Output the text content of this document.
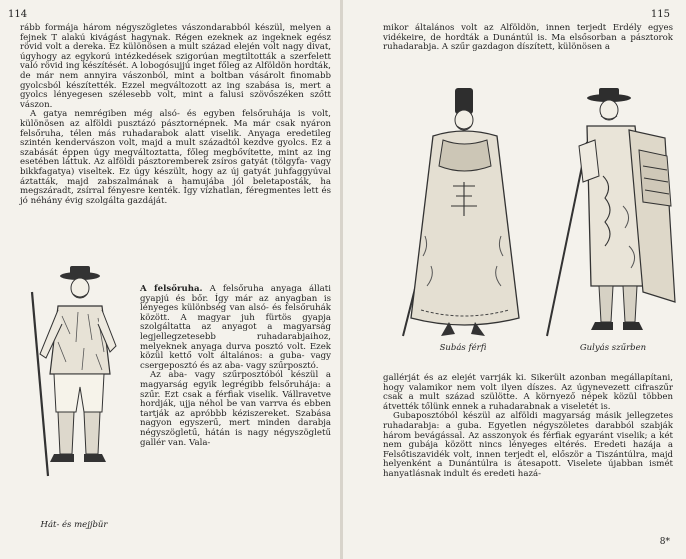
114

rább formája három négyszögletes vászondarabból készül, melyen a fejnek T alakú kivágást hagynak. Régen ezeknek az ingeknek egész rövid volt a dereka. Ez különösen a mult század elején volt nagy divat, úgyhogy az egykorú intézkedések szigorúan megtiltották a szerfelett való rövid ing készítését. A lobogósujjú inget főleg az Alföldön hordták, de már nem annyira vászonból, mint a boltban vásárolt finomabb gyolcsból készítették. Ezzel megváltozott az ing szabása is, mert a gyolcs lényegesen szélesebb volt, mint a falusi szövőszéken szőtt vászon.

A gatya nemrégiben még alsó- és egyben felsőruhája is volt, különösen az alföldi pusztázó pásztornépnek. Ma már csak nyáron felsőruha, télen más ruhadarabok alatt viselik. Anyaga eredetileg szintén kendervászon volt, majd a mult századtól kezdve gyolcs. Ez a szabását éppen úgy megváltoztatta, főleg megbővítette, mint az ing esetében láttuk. Az alföldi pásztoremberek zsíros gatyát (tölgyfa- vagy bikkfagatya) viseltek. Ez úgy készült, hogy az új gatyát juhfaggyúval áztatták, majd zabszalmának a hamujába jól beletaposták, ha megszáradt, zsírral fényesre kenték. Így vízhatlan, féregmentes lett és jó néhány évig szolgálta gazdáját.

Hát- és mejjbür

A felsőruha. A felsőruha anyaga állati gyapjú és bőr. Így már az anyagban is lényeges különbség van alsó- és felsőruhák között. A magyar juh fürtös gyapja szolgáltatta az anyagot a magyarság legjellegzetesebb ruhadarabjaihoz, melyeknek anyaga durva posztó volt. Ezek közül kettő volt általános: a guba- vagy csergeposztó és az aba- vagy szűrposztó.

Az aba- vagy szűrposztóból készül a magyarság egyik legrégibb felsőruhája: a szűr. Ezt csak a férfiak viselik. Vállravetve hordják, ujja néhol be van varrva és ebben tartják az apróbbb kéziszereket. Szabása nagyon egyszerű, mert minden darabja négyszögletű, hátán is nagy négyszögletű gallér van. Vala-

115

mikor általános volt az Alföldön, innen terjedt Erdély egyes vidékeire, de hordták a Dunántúl is. Ma elsősorban a pásztorok ruhadarabja. A szűr gazdagon díszített, különösen a

Subás férfi	Gulyás szűrben

gallérját és az elejét varrják ki. Sikerült azonban megállapítani, hogy valamikor nem volt ilyen díszes. Az úgynevezett cifraszűr csak a mult század szülötte. A környező népek közül többen átvették tőlünk ennek a ruhadarabnak a viseletét is.

Gubaposztóból készül az alföldi magyarság másik jellegzetes ruhadarabja: a guba. Egyetlen négyszöletes darabból szabják három bevágással. Az asszonyok és férfiak egyaránt viselik; a két nem gubája között nincs lényeges eltérés. Eredeti hazája a Felsőtiszavidék volt, innen terjedt el, először a Tiszántúlra, majd helyenként a Dunántúlra is átesapott. Viselete újabban ismét hanyatlásnak indult és eredeti hazá-

8*
